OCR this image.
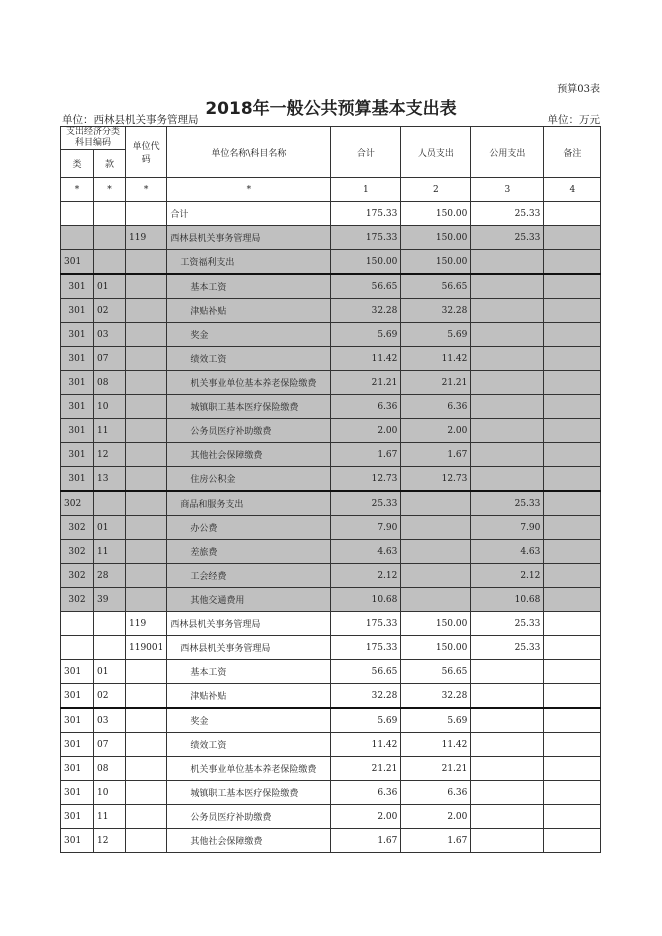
预算03表
2018年一般公共预算基本支出表
单位：西林县机关事务管理局	单位：万元
支出经济分类科目编码		单位代码	单位名称\科目名称	合计	人员支出	公用支出	备注
类	款						
*	*	*	*	1	2	3	4
			合计	175.33	150.00	25.33	
		119	西林县机关事务管理局	175.33	150.00	25.33	
301			工资福利支出	150.00	150.00		
301	01		基本工资	56.65	56.65		
301	02		津贴补贴	32.28	32.28		
301	03		奖金	5.69	5.69		
301	07		绩效工资	11.42	11.42		
301	08		机关事业单位基本养老保险缴费	21.21	21.21		
301	10		城镇职工基本医疗保险缴费	6.36	6.36		
301	11		公务员医疗补助缴费	2.00	2.00		
301	12		其他社会保障缴费	1.67	1.67		
301	13		住房公积金	12.73	12.73		
302			商品和服务支出	25.33		25.33	
302	01		办公费	7.90		7.90	
302	11		差旅费	4.63		4.63	
302	28		工会经费	2.12		2.12	
302	39		其他交通费用	10.68		10.68	
		119	西林县机关事务管理局	175.33	150.00	25.33	
		119001	西林县机关事务管理局	175.33	150.00	25.33	
301	01		基本工资	56.65	56.65		
301	02		津贴补贴	32.28	32.28		
301	03		奖金	5.69	5.69		
301	07		绩效工资	11.42	11.42		
301	08		机关事业单位基本养老保险缴费	21.21	21.21		
301	10		城镇职工基本医疗保险缴费	6.36	6.36		
301	11		公务员医疗补助缴费	2.00	2.00		
301	12		其他社会保障缴费	1.67	1.67		
